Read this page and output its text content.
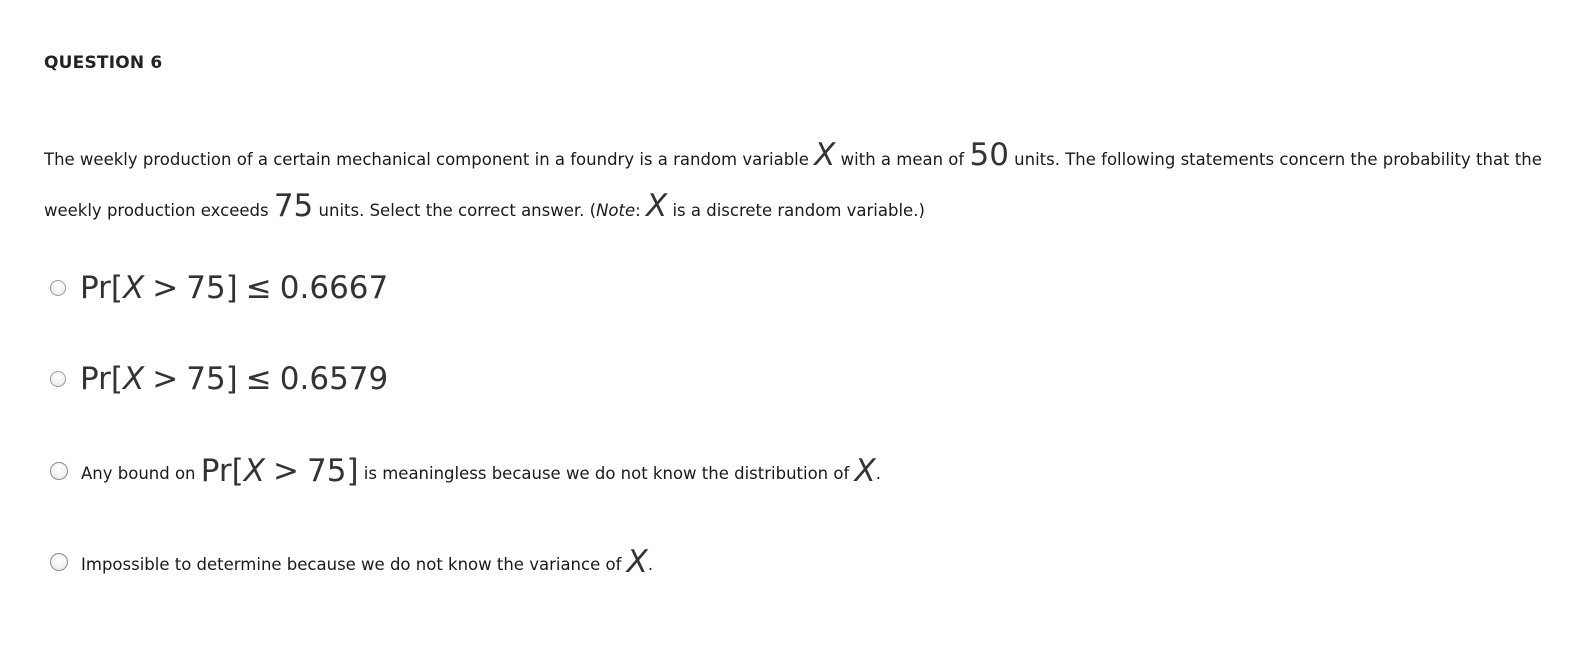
QUESTION 6
The weekly production of a certain mechanical component in a foundry is a random variable X with a mean of 50 units. The following statements concern the probability that the weekly production exceeds 75 units. Select the correct answer. (Note: X is a discrete random variable.)
Pr[X > 75] ≤ 0.6667
Pr[X > 75] ≤ 0.6579
Any bound on Pr[X > 75] is meaningless because we do not know the distribution of X.
Impossible to determine because we do not know the variance of X.
